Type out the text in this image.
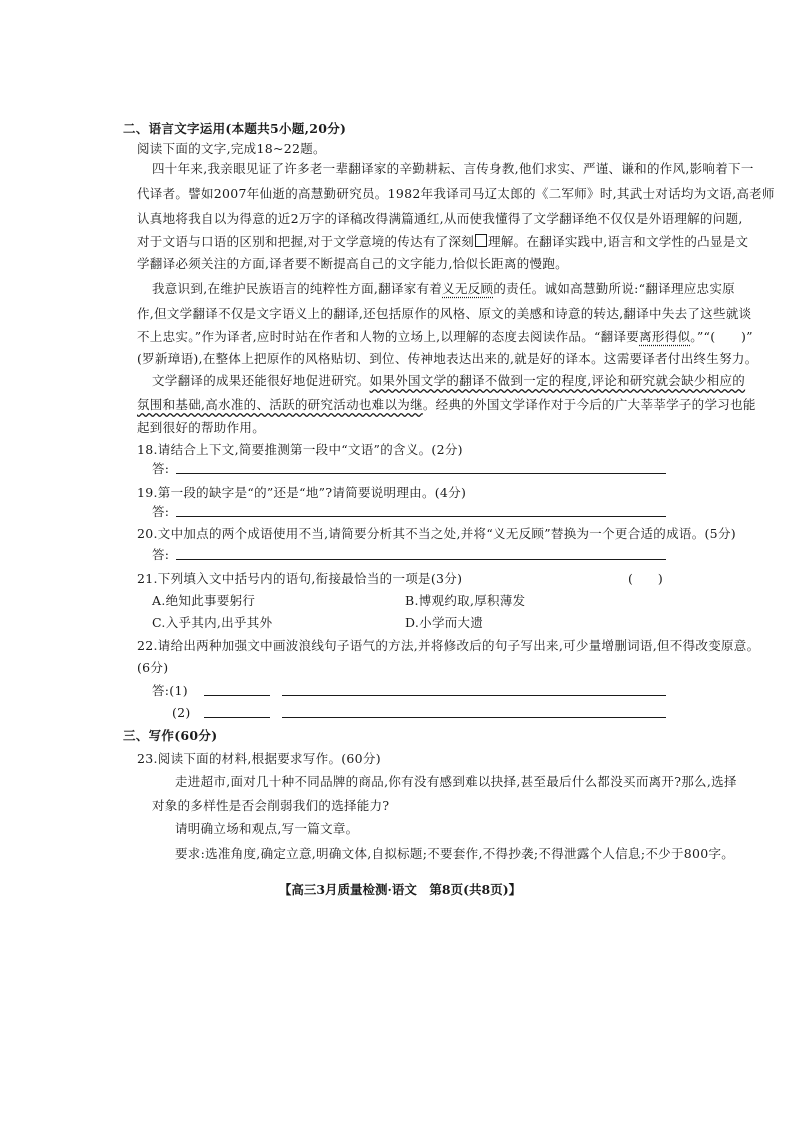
二、语言文字运用(本题共5小题,20分)
阅读下面的文字,完成18~22题。
四十年来,我亲眼见证了许多老一辈翻译家的辛勤耕耘、言传身教,他们求实、严谨、谦和的作风,影响着下一
代译者。譬如2007年仙逝的高慧勤研究员。1982年我译司马辽太郎的《二军师》时,其武士对话均为文语,高老师
认真地将我自以为得意的近2万字的译稿改得满篇通红,从而使我懂得了文学翻译绝不仅仅是外语理解的问题,
对于文语与口语的区别和把握,对于文学意境的传达有了深刻 理解。在翻译实践中,语言和文学性的凸显是文
学翻译必须关注的方面,译者要不断提高自己的文字能力,恰似长距离的慢跑。
我意识到,在维护民族语言的纯粹性方面,翻译家有着义无反顾的责任。诚如高慧勤所说:“翻译理应忠实原
作,但文学翻译不仅是文字语义上的翻译,还包括原作的风格、原文的美感和诗意的转达,翻译中失去了这些就谈
不上忠实。”作为译者,应时时站在作者和人物的立场上,以理解的态度去阅读作品。“翻译要离形得似。”“(　　)”
(罗新璋语),在整体上把原作的风格贴切、到位、传神地表达出来的,就是好的译本。这需要译者付出终生努力。
文学翻译的成果还能很好地促进研究。如果外国文学的翻译不做到一定的程度,评论和研究就会缺少相应的
氛围和基础,高水准的、活跃的研究活动也难以为继。经典的外国文学译作对于今后的广大莘莘学子的学习也能
起到很好的帮助作用。
18.请结合上下文,简要推测第一段中“文语”的含义。(2分)
答:
19.第一段的缺字是“的”还是“地”?请简要说明理由。(4分)
答:
20.文中加点的两个成语使用不当,请简要分析其不当之处,并将“义无反顾”替换为一个更合适的成语。(5分)
答:
21.下列填入文中括号内的语句,衔接最恰当的一项是(3分)	(　　)
A.绝知此事要躬行	B.博观约取,厚积薄发
C.入乎其内,出乎其外	D.小学而大遗
22.请给出两种加强文中画波浪线句子语气的方法,并将修改后的句子写出来,可少量增删词语,但不得改变原意。
(6分)
答:(1)
(2)
三、写作(60分)
23.阅读下面的材料,根据要求写作。(60分)
走进超市,面对几十种不同品牌的商品,你有没有感到难以抉择,甚至最后什么都没买而离开?那么,选择
对象的多样性是否会削弱我们的选择能力?
请明确立场和观点,写一篇文章。
要求:选准角度,确定立意,明确文体,自拟标题;不要套作,不得抄袭;不得泄露个人信息;不少于800字。
【高三3月质量检测·语文　第8页(共8页)】
